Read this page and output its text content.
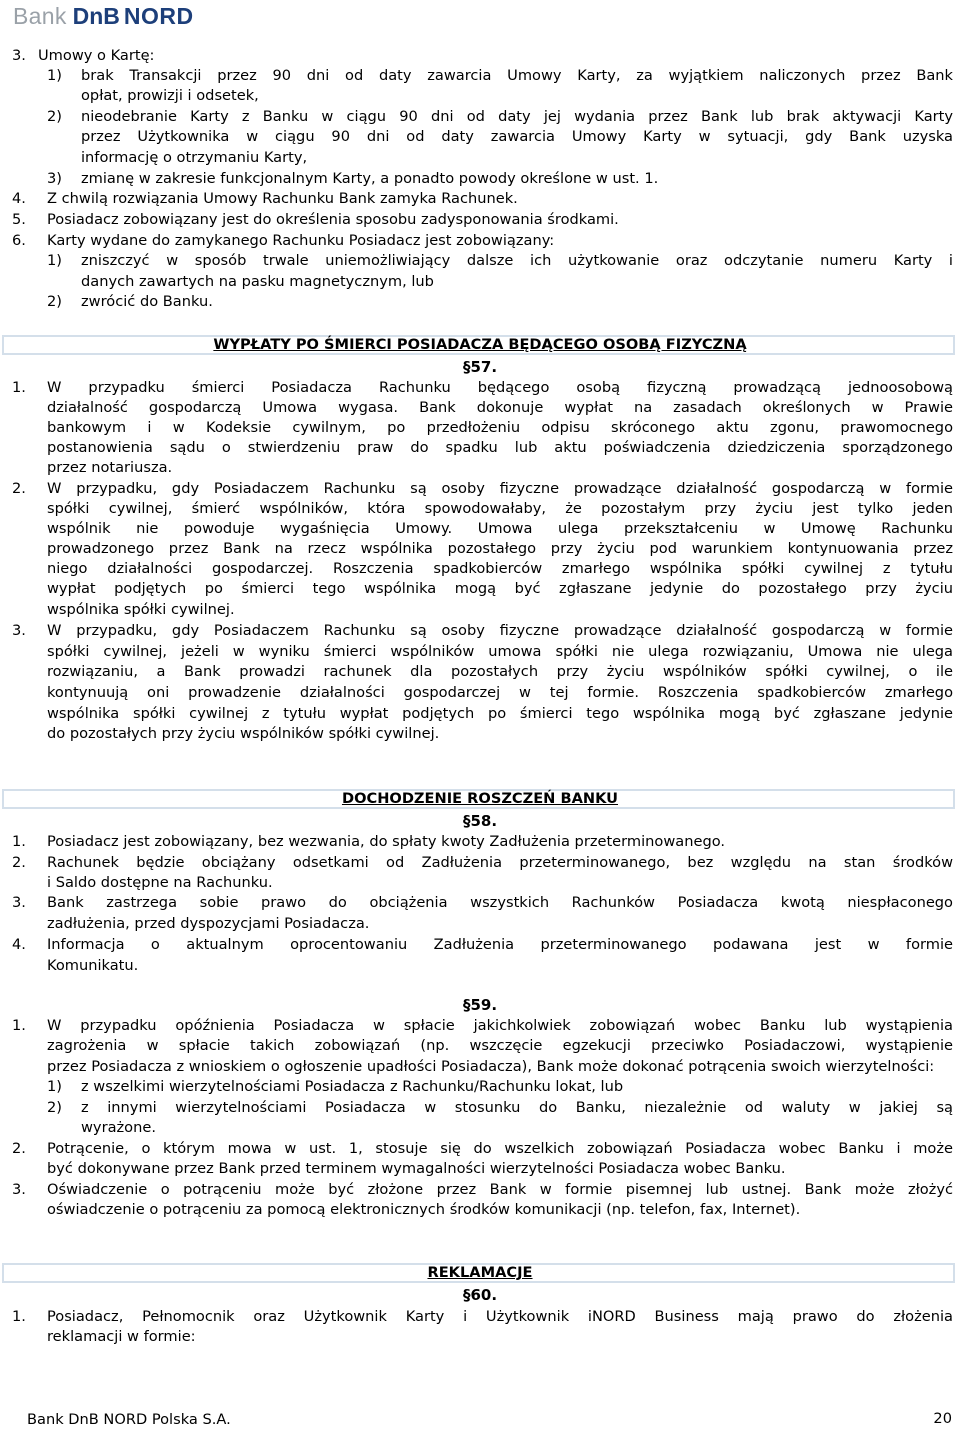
Bank DnB NORD
3. Umowy o Kartę:
1) brak Transakcji przez 90 dni od daty zawarcia Umowy Karty, za wyjątkiem naliczonych przez Bank
opłat, prowizji i odsetek,
2) nieodebranie Karty z Banku w ciągu 90 dni od daty jej wydania przez Bank lub brak aktywacji Karty
przez Użytkownika w ciągu 90 dni od daty zawarcia Umowy Karty w sytuacji, gdy Bank uzyska
informację o otrzymaniu Karty,
3) zmianę w zakresie funkcjonalnym Karty, a ponadto powody określone w ust. 1.
4. Z chwilą rozwiązania Umowy Rachunku Bank zamyka Rachunek.
5. Posiadacz zobowiązany jest do określenia sposobu zadysponowania środkami.
6. Karty wydane do zamykanego Rachunku Posiadacz jest zobowiązany:
1) zniszczyć w sposób trwale uniemożliwiający dalsze ich użytkowanie oraz odczytanie numeru Karty i
danych zawartych na pasku magnetycznym, lub
2) zwrócić do Banku.
WYPŁATY PO ŚMIERCI POSIADACZA BĘDĄCEGO OSOBĄ FIZYCZNĄ
§57.
1. W przypadku śmierci Posiadacza Rachunku będącego osobą fizyczną prowadzącą jednoosobową
działalność gospodarczą Umowa wygasa. Bank dokonuje wypłat na zasadach określonych w Prawie
bankowym i w Kodeksie cywilnym, po przedłożeniu odpisu skróconego aktu zgonu, prawomocnego
postanowienia sądu o stwierdzeniu praw do spadku lub aktu poświadczenia dziedziczenia sporządzonego
przez notariusza.
2. W przypadku, gdy Posiadaczem Rachunku są osoby fizyczne prowadzące działalność gospodarczą w formie
spółki cywilnej, śmierć wspólników, która spowodowałaby, że pozostałym przy życiu jest tylko jeden
wspólnik nie powoduje wygaśnięcia Umowy. Umowa ulega przekształceniu w Umowę Rachunku
prowadzonego przez Bank na rzecz wspólnika pozostałego przy życiu pod warunkiem kontynuowania przez
niego działalności gospodarczej. Roszczenia spadkobierców zmarłego wspólnika spółki cywilnej z tytułu
wypłat podjętych po śmierci tego wspólnika mogą być zgłaszane jedynie do pozostałego przy życiu
wspólnika spółki cywilnej.
3. W przypadku, gdy Posiadaczem Rachunku są osoby fizyczne prowadzące działalność gospodarczą w formie
spółki cywilnej, jeżeli w wyniku śmierci wspólników umowa spółki nie ulega rozwiązaniu, Umowa nie ulega
rozwiązaniu, a Bank prowadzi rachunek dla pozostałych przy życiu wspólników spółki cywilnej, o ile
kontynuują oni prowadzenie działalności gospodarczej w tej formie. Roszczenia spadkobierców zmarłego
wspólnika spółki cywilnej z tytułu wypłat podjętych po śmierci tego wspólnika mogą być zgłaszane jedynie
do pozostałych przy życiu wspólników spółki cywilnej.
DOCHODZENIE ROSZCZEŃ BANKU
§58.
1. Posiadacz jest zobowiązany, bez wezwania, do spłaty kwoty Zadłużenia przeterminowanego.
2. Rachunek będzie obciążany odsetkami od Zadłużenia przeterminowanego, bez względu na stan środków
i Saldo dostępne na Rachunku.
3. Bank zastrzega sobie prawo do obciążenia wszystkich Rachunków Posiadacza kwotą niespłaconego
zadłużenia, przed dyspozycjami Posiadacza.
4. Informacja o aktualnym oprocentowaniu Zadłużenia przeterminowanego podawana jest w formie
Komunikatu.
§59.
1. W przypadku opóźnienia Posiadacza w spłacie jakichkolwiek zobowiązań wobec Banku lub wystąpienia
zagrożenia w spłacie takich zobowiązań (np. wszczęcie egzekucji przeciwko Posiadaczowi, wystąpienie
przez Posiadacza z wnioskiem o ogłoszenie upadłości Posiadacza), Bank może dokonać potrącenia swoich wierzytelności:
1) z wszelkimi wierzytelnościami Posiadacza z Rachunku/Rachunku lokat, lub
2) z innymi wierzytelnościami Posiadacza w stosunku do Banku, niezależnie od waluty w jakiej są
wyrażone.
2. Potrącenie, o którym mowa w ust. 1, stosuje się do wszelkich zobowiązań Posiadacza wobec Banku i może
być dokonywane przez Bank przed terminem wymagalności wierzytelności Posiadacza wobec Banku.
3. Oświadczenie o potrąceniu może być złożone przez Bank w formie pisemnej lub ustnej. Bank może złożyć
oświadczenie o potrąceniu za pomocą elektronicznych środków komunikacji (np. telefon, fax, Internet).
REKLAMACJE
§60.
1. Posiadacz, Pełnomocnik oraz Użytkownik Karty i Użytkownik iNORD Business mają prawo do złożenia
reklamacji w formie:
Bank DnB NORD Polska S.A.	20
